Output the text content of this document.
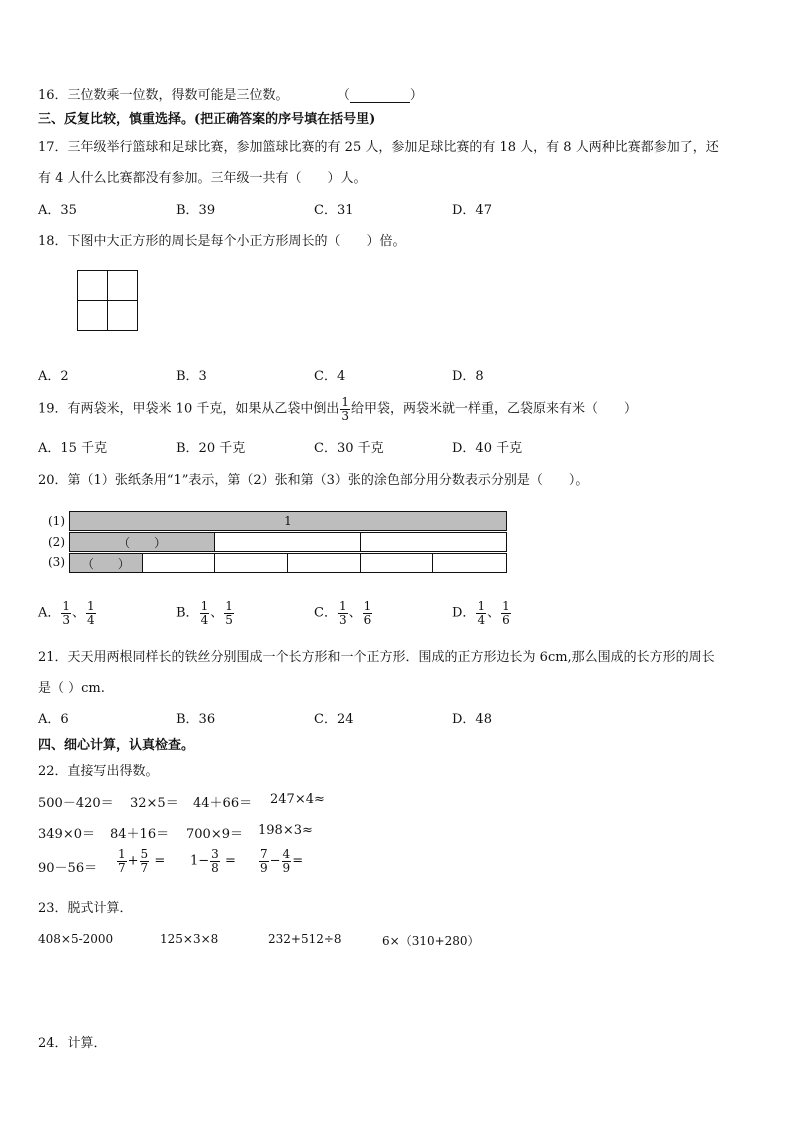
16．三位数乘一位数，得数可能是三位数。	（	）
三、反复比较，慎重选择。(把正确答案的序号填在括号里)
17．三年级举行篮球和足球比赛，参加篮球比赛的有 25 人，参加足球比赛的有 18 人，有 8 人两种比赛都参加了，还
有 4 人什么比赛都没有参加。三年级一共有（　　）人。
A．35	B．39	C．31	D．47
18．下图中大正方形的周长是每个小正方形周长的（　　）倍。
A．2	B．3	C．4	D．8
19．有两袋米，甲袋米 10 千克，如果从乙袋中倒出 $\frac{1}{3}$ 给甲袋，两袋米就一样重，乙袋原来有米（　　）
A．15 千克	B．20 千克	C．30 千克	D．40 千克
20．第（1）张纸条用“1”表示，第（2）张和第（3）张的涂色部分用分数表示分别是（　　）。
(1)
(2)
(3)
1
（　　）
（　　）
A． $\frac{1}{3}$ 、 $\frac{1}{4}$	B． $\frac{1}{4}$ 、 $\frac{1}{5}$	C． $\frac{1}{3}$ 、 $\frac{1}{6}$	D． $\frac{1}{4}$ 、 $\frac{1}{6}$
21．天天用两根同样长的铁丝分别围成一个长方形和一个正方形．围成的正方形边长为 6cm,那么围成的长方形的周长
是（ ）cm.
A．6	B．36	C．24	D．48
四、细心计算，认真检查。
22．直接写出得数。
500－420＝ 32×5＝ 44＋66＝ 247×4≈
349×0＝ 84＋16＝ 700×9＝ 198×3≈
$90-56= \frac{1}{7} + \frac{5}{7} = 1- \frac{3}{8} = \frac{7}{9} - \frac{4}{9}$ =
23．脱式计算．
408×5-2000	125×3×8	232+512÷8	6×（310+280）
24．计算．
